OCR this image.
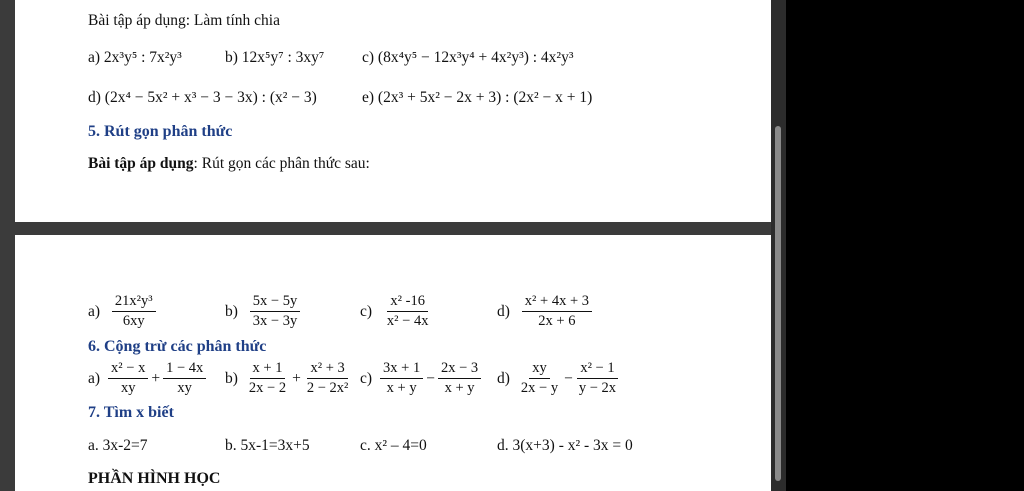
Bài tập áp dụng: Làm tính chia
a) 2x³y⁵ : 7x²y³	b) 12x⁵y⁷ : 3xy⁷ c) (8x⁴y⁵ − 12x³y⁴ + 4x²y³) : 4x²y³
d) (2x⁴ − 5x² + x³ − 3 − 3x) : (x² − 3)	e) (2x³ + 5x² − 2x + 3) : (2x² − x + 1)
5. Rút gọn phân thức
Bài tập áp dụng: Rút gọn các phân thức sau:
$a) \frac{\text{21x²y³}}{6xy}$	$b) \frac{5x - 5y}{3x - 3y}$	$c) \frac{\text{x² -16}}{\text{x² − 4x}}$	$d) \frac{\text{x² + 4x + 3}}{2x + 6}$
6. Cộng trừ các phân thức
$a) \frac{\text{x² − x}}{xy} + \frac{1 - 4x}{xy} b) \frac{x + 1}{2x - 2} + \frac{\text{x² + 3}}{\text{2 − 2x²}} c) \frac{3x + 1}{x + y} - \frac{2x - 3}{x + y} d) \frac{xy}{2x - y} - \frac{\text{x² − 1}}{y - 2x}$
7. Tìm x biết
a. 3x-2=7	b. 5x-1=3x+5	c. x² – 4=0	d. 3(x+3) - x² - 3x = 0
PHẦN HÌNH HỌC
